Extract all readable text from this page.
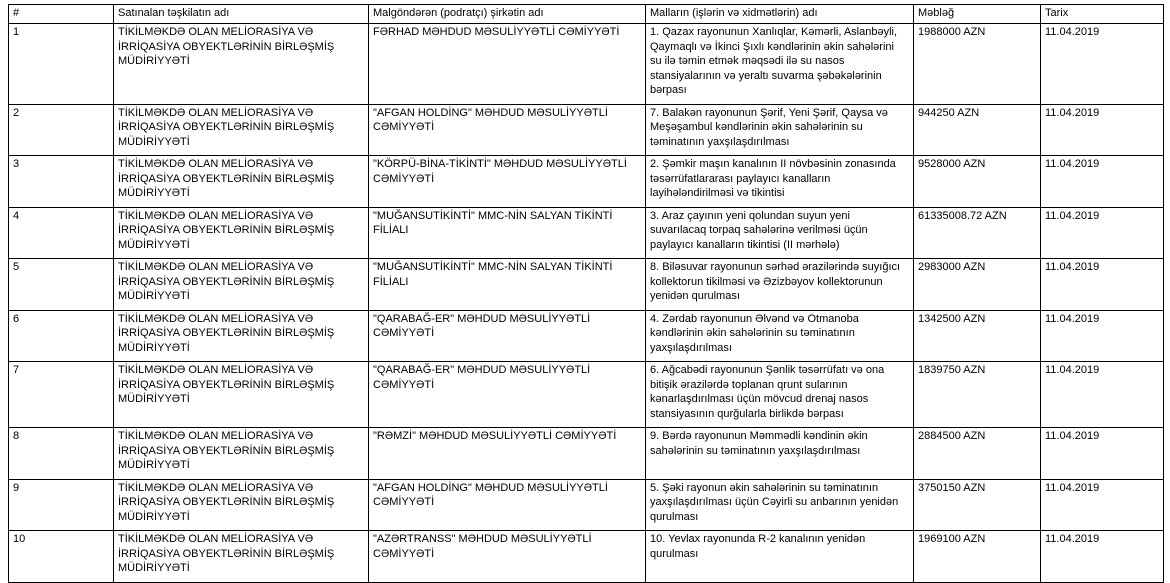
#	Satınalan təşkilatın adı	Malgöndərən (podratçı) şirkətin adı	Malların (işlərin və xidmətlərin) adı	Məbləğ	Tarix
1	TİKİLMƏKDƏ OLAN MELİORASİYA VƏ İRRİQASİYA OBYEKTLƏRİNİN BİRLƏŞMİŞ MÜDİRİYYƏTİ	FƏRHAD MƏHDUD MƏSULİYYƏTLİ CƏMİYYƏTİ	1. Qazax rayonunun Xanlıqlar, Kəmərli, Aslanbəyli, Qaymaqlı və İkinci Şıxlı kəndlərinin əkin sahələrini su ilə təmin etmək məqsədi ilə su nasos stansiyalarının və yeraltı suvarma şəbəkələrinin bərpası	1988000 AZN	11.04.2019
2	TİKİLMƏKDƏ OLAN MELİORASİYA VƏ İRRİQASİYA OBYEKTLƏRİNİN BİRLƏŞMİŞ MÜDİRİYYƏTİ	"AFGAN HOLDİNG" MƏHDUD MƏSULİYYƏTLİ CƏMİYYƏTİ	7. Balakən rayonunun Şərif, Yeni Şərif, Qaysa və Meşəşambul kəndlərinin əkin sahələrinin su təminatının yaxşılaşdırılması	944250 AZN	11.04.2019
3	TİKİLMƏKDƏ OLAN MELİORASİYA VƏ İRRİQASİYA OBYEKTLƏRİNİN BİRLƏŞMİŞ MÜDİRİYYƏTİ	"KÖRPÜ-BİNA-TİKİNTİ" MƏHDUD MƏSULİYYƏTLİ CƏMİYYƏTİ	2. Şəmkir maşın kanalının II növbəsinin zonasında təsərrüfatlararası paylayıcı kanalların layihələndirilməsi və tikintisi	9528000 AZN	11.04.2019
4	TİKİLMƏKDƏ OLAN MELİORASİYA VƏ İRRİQASİYA OBYEKTLƏRİNİN BİRLƏŞMİŞ MÜDİRİYYƏTİ	"MUĞANSUTİKİNTİ" MMC-NİN SALYAN TİKİNTİ FİLİALI	3. Araz çayının yeni qolundan suyun yeni suvarılacaq torpaq sahələrinə verilməsi üçün paylayıcı kanalların tikintisi (II mərhələ)	61335008.72 AZN	11.04.2019
5	TİKİLMƏKDƏ OLAN MELİORASİYA VƏ İRRİQASİYA OBYEKTLƏRİNİN BİRLƏŞMİŞ MÜDİRİYYƏTİ	"MUĞANSUTİKİNTİ" MMC-NİN SALYAN TİKİNTİ FİLİALI	8. Biləsuvar rayonunun sərhəd ərazilərində suyığıcı kollektorun tikilməsi və Əzizbəyov kollektorunun yenidən qurulması	2983000 AZN	11.04.2019
6	TİKİLMƏKDƏ OLAN MELİORASİYA VƏ İRRİQASİYA OBYEKTLƏRİNİN BİRLƏŞMİŞ MÜDİRİYYƏTİ	"QARABAĞ-ER" MƏHDUD MƏSULİYYƏTLİ CƏMİYYƏTİ	4. Zərdab rayonunun Əlvənd və Otmanoba kəndlərinin əkin sahələrinin su təminatının yaxşılaşdırılması	1342500 AZN	11.04.2019
7	TİKİLMƏKDƏ OLAN MELİORASİYA VƏ İRRİQASİYA OBYEKTLƏRİNİN BİRLƏŞMİŞ MÜDİRİYYƏTİ	"QARABAĞ-ER" MƏHDUD MƏSULİYYƏTLİ CƏMİYYƏTİ	6. Ağcabədi rayonunun Şənlik təsərrüfatı və ona bitişik ərazilərdə toplanan qrunt sularının kənarlaşdırılması üçün mövcud drenaj nasos stansiyasının qurğularla birlikdə bərpası	1839750 AZN	11.04.2019
8	TİKİLMƏKDƏ OLAN MELİORASİYA VƏ İRRİQASİYA OBYEKTLƏRİNİN BİRLƏŞMİŞ MÜDİRİYYƏTİ	"RƏMZİ" MƏHDUD MƏSULİYYƏTLİ CƏMİYYƏTİ	9. Bərdə rayonunun Məmmədli kəndinin əkin sahələrinin su təminatının yaxşılaşdırılması	2884500 AZN	11.04.2019
9	TİKİLMƏKDƏ OLAN MELİORASİYA VƏ İRRİQASİYA OBYEKTLƏRİNİN BİRLƏŞMİŞ MÜDİRİYYƏTİ	"AFGAN HOLDİNG" MƏHDUD MƏSULİYYƏTLİ CƏMİYYƏTİ	5. Şəki rayonun əkin sahələrinin su təminatının yaxşılaşdırılması üçün Cəyirli su anbarının yenidən qurulması	3750150 AZN	11.04.2019
10	TİKİLMƏKDƏ OLAN MELİORASİYA VƏ İRRİQASİYA OBYEKTLƏRİNİN BİRLƏŞMİŞ MÜDİRİYYƏTİ	"AZƏRTRANSS" MƏHDUD MƏSULİYYƏTLİ CƏMİYYƏTİ	10. Yevlax rayonunda R-2 kanalının yenidən qurulması	1969100 AZN	11.04.2019
